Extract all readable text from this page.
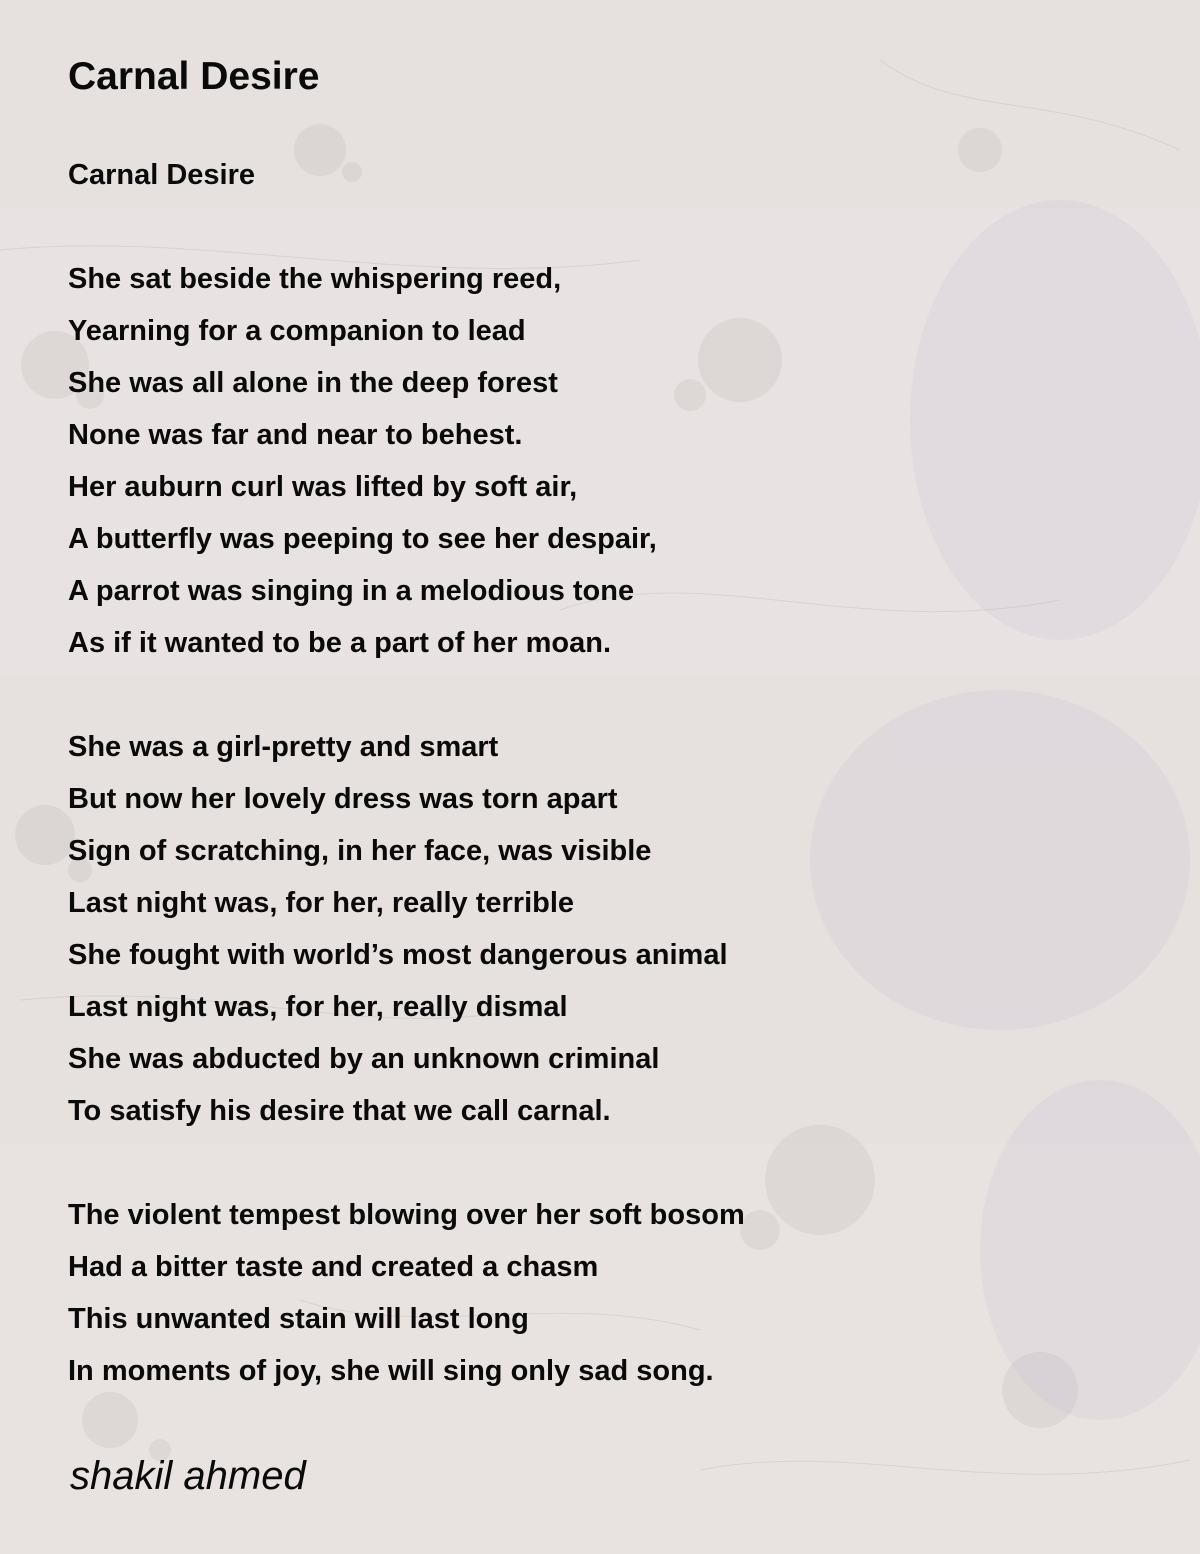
Carnal Desire
Carnal Desire
She sat beside the whispering reed,
Yearning for a companion to lead
She was all alone in the deep forest
None was far and near to behest.
Her auburn curl was lifted by soft air,
A butterfly was peeping to see her despair,
A parrot was singing in a melodious tone
As if it wanted to be a part of her moan.
She was a girl-pretty and smart
But now her lovely dress was torn apart
Sign of scratching, in her face, was visible
Last night was, for her, really terrible
She fought with world’s most dangerous animal
Last night was, for her, really dismal
She was abducted by an unknown criminal
To satisfy his desire that we call carnal.
The violent tempest blowing over her soft bosom
Had a bitter taste and created a chasm
This unwanted stain will last long
In moments of joy, she will sing only sad song.
shakil ahmed
